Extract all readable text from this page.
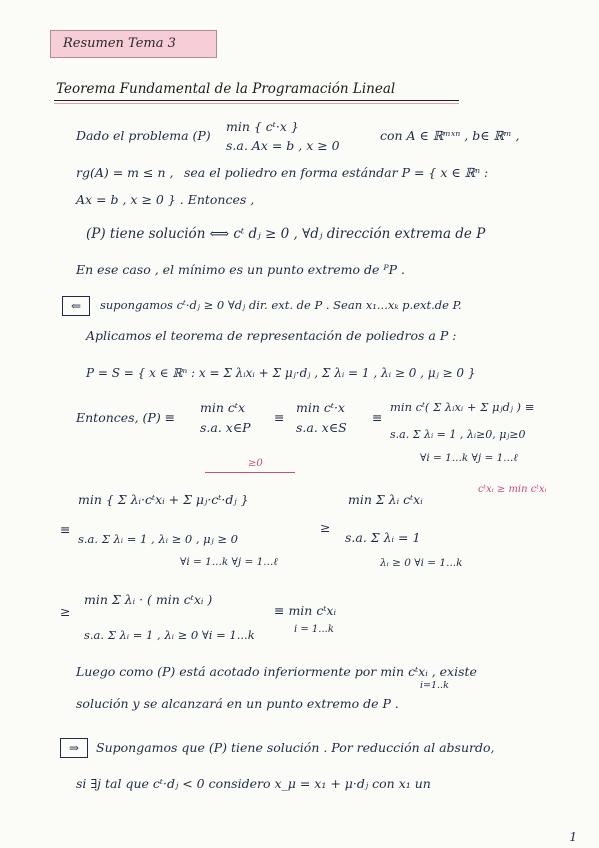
Resumen Tema 3
Teorema Fundamental de la Programación Lineal
Dado el problema (P)
min { cᵗ·x }
s.a. Ax = b , x ≥ 0
con A ∈ ℝᵐˣⁿ , b∈ ℝᵐ ,
rg(A) = m ≤ n , sea el poliedro en forma estándar P = { x ∈ ℝⁿ :
Ax = b , x ≥ 0 } . Entonces ,
(P) tiene solución ⟺ cᵗ dⱼ ≥ 0 , ∀dⱼ dirección extrema de P
En ese caso , el mínimo es un punto extremo de ᴾP .
⇐	supongamos cᵗ·dⱼ ≥ 0 ∀dⱼ dir. ext. de P . Sean x₁...xₖ p.ext.de P.
Aplicamos el teorema de representación de poliedros a P :
P = S = { x ∈ ℝⁿ : x = Σ λᵢxᵢ + Σ μⱼ·dⱼ , Σ λᵢ = 1 , λᵢ ≥ 0 , μⱼ ≥ 0 }
Entonces, (P) ≡
min cᵗx
s.a. x∈P
≡
min cᵗ·x
s.a. x∈S
≡
min cᵗ( Σ λᵢxᵢ + Σ μⱼdⱼ ) ≡
s.a. Σ λᵢ = 1 , λᵢ≥0, μⱼ≥0
∀i = 1...k ∀j = 1...ℓ
≥0
min { Σ λᵢ·cᵗxᵢ + Σ μⱼ·cᵗ·dⱼ }
≡
min Σ λᵢ cᵗxᵢ
cᵗxᵢ ≥ min cᵗxᵢ
s.a. Σ λᵢ = 1 , λᵢ ≥ 0 , μⱼ ≥ 0
∀i = 1...k ∀j = 1...ℓ
≥
s.a. Σ λᵢ = 1
λᵢ ≥ 0 ∀i = 1...k
min Σ λᵢ · ( min cᵗxᵢ )
≥
s.a. Σ λᵢ = 1 , λᵢ ≥ 0 ∀i = 1...k
≡ min cᵗxᵢ
i = 1...k
Luego como (P) está acotado inferiormente por min cᵗxᵢ , existe
i=1..k
solución y se alcanzará en un punto extremo de P .
⇒	Supongamos que (P) tiene solución . Por reducción al absurdo,
si ∃j tal que cᵗ·dⱼ < 0 considero x_μ = x₁ + μ·dⱼ con x₁ un
1
